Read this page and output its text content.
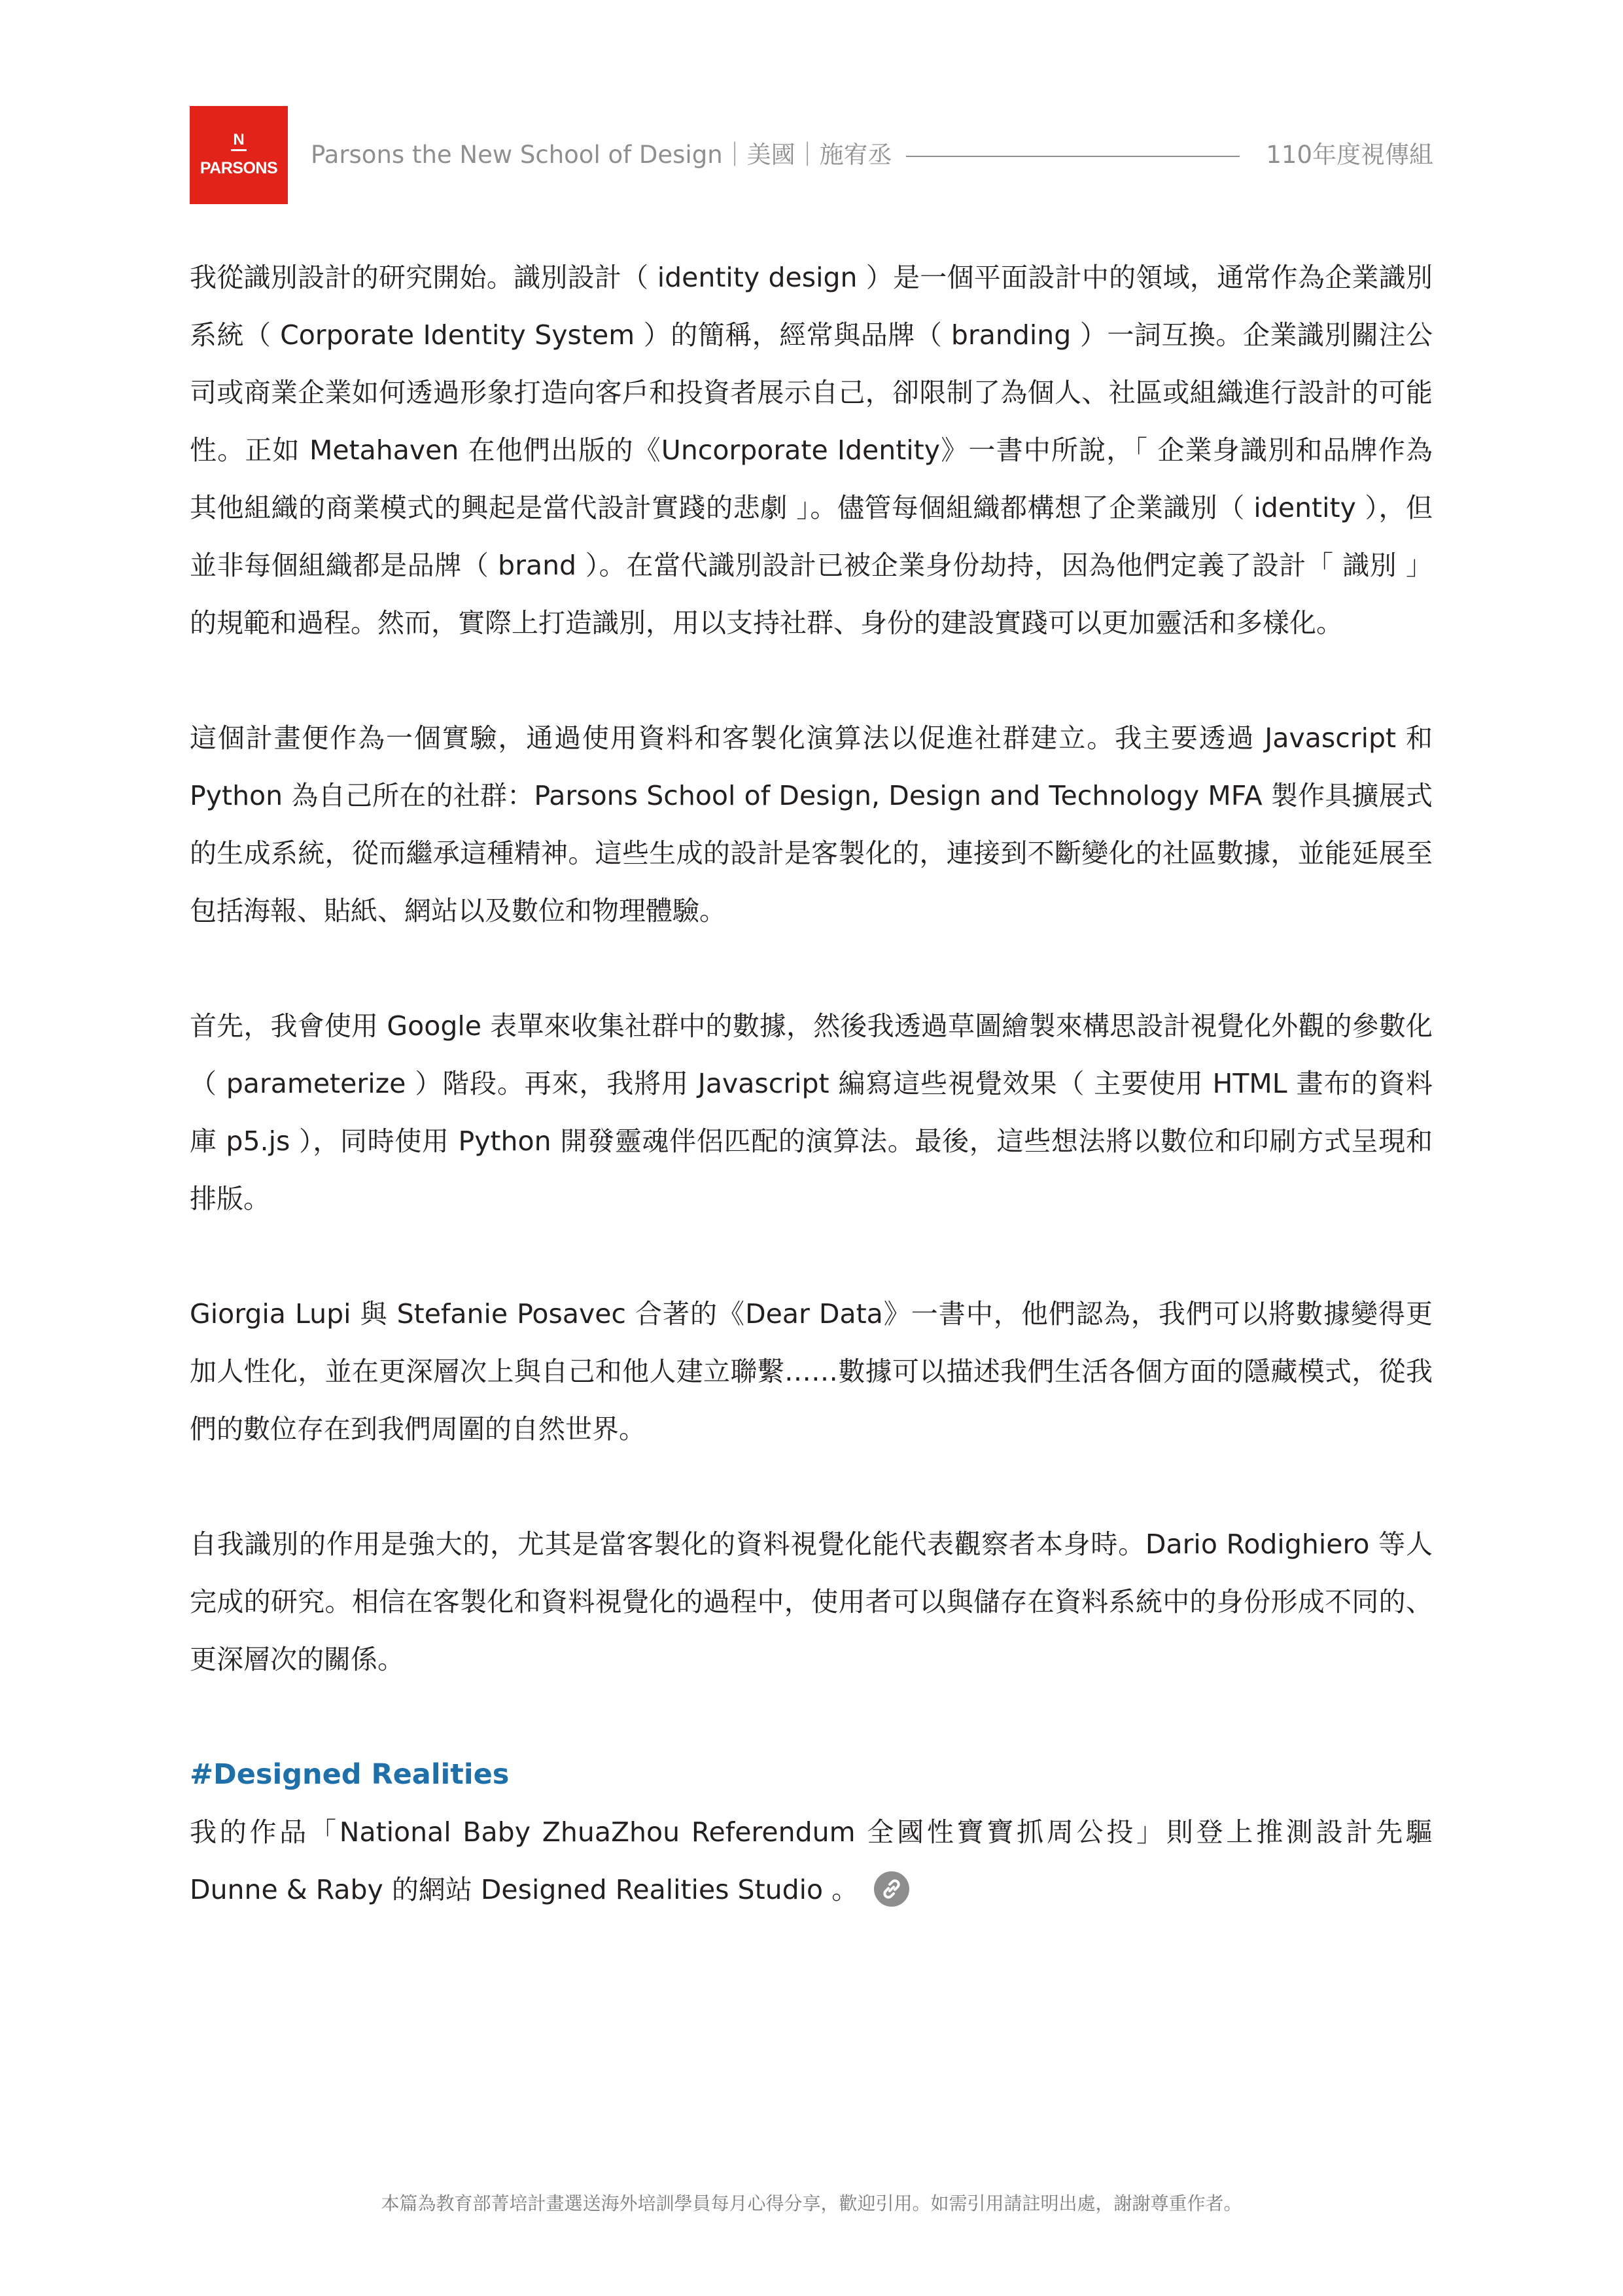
N
PARSONS Parsons the New School of Design｜美國｜施宥丞	110年度視傳組

我從識別設計的研究開始。識別設計（ identity design ）是一個平面設計中的領域，通常作為企業識別系統（ Corporate Identity System ）的簡稱，經常與品牌（ branding ）一詞互換。企業識別關注公司或商業企業如何透過形象打造向客戶和投資者展示自己，卻限制了為個人、社區或組織進行設計的可能性。正如 Metahaven 在他們出版的《Uncorporate Identity》一書中所說，「 企業身識別和品牌作為其他組織的商業模式的興起是當代設計實踐的悲劇 」。儘管每個組織都構想了企業識別（ identity ），但並非每個組織都是品牌（ brand ）。在當代識別設計已被企業身份劫持，因為他們定義了設計「 識別 」的規範和過程。然而，實際上打造識別，用以支持社群、身份的建設實踐可以更加靈活和多樣化。

這個計畫便作為一個實驗，通過使用資料和客製化演算法以促進社群建立。我主要透過 Javascript 和 Python 為自己所在的社群：Parsons School of Design, Design and Technology MFA 製作具擴展式的生成系統，從而繼承這種精神。這些生成的設計是客製化的，連接到不斷變化的社區數據，並能延展至包括海報、貼紙、網站以及數位和物理體驗。

首先，我會使用 Google 表單來收集社群中的數據，然後我透過草圖繪製來構思設計視覺化外觀的參數化（ parameterize ）階段。再來，我將用 Javascript 編寫這些視覺效果（ 主要使用 HTML 畫布的資料庫 p5.js ），同時使用 Python 開發靈魂伴侶匹配的演算法。最後，這些想法將以數位和印刷方式呈現和排版。

Giorgia Lupi 與 Stefanie Posavec 合著的《Dear Data》一書中，他們認為，我們可以將數據變得更加人性化，並在更深層次上與自己和他人建立聯繫……數據可以描述我們生活各個方面的隱藏模式，從我們的數位存在到我們周圍的自然世界。

自我識別的作用是強大的，尤其是當客製化的資料視覺化能代表觀察者本身時。Dario Rodighiero 等人完成的研究。相信在客製化和資料視覺化的過程中，使用者可以與儲存在資料系統中的身份形成不同的、更深層次的關係。

#Designed Realities

我的作品「National Baby ZhuaZhou Referendum 全國性寶寶抓周公投」則登上推測設計先驅 Dunne & Raby 的網站 Designed Realities Studio 。

本篇為教育部菁培計畫選送海外培訓學員每月心得分享，歡迎引用。如需引用請註明出處，謝謝尊重作者。
